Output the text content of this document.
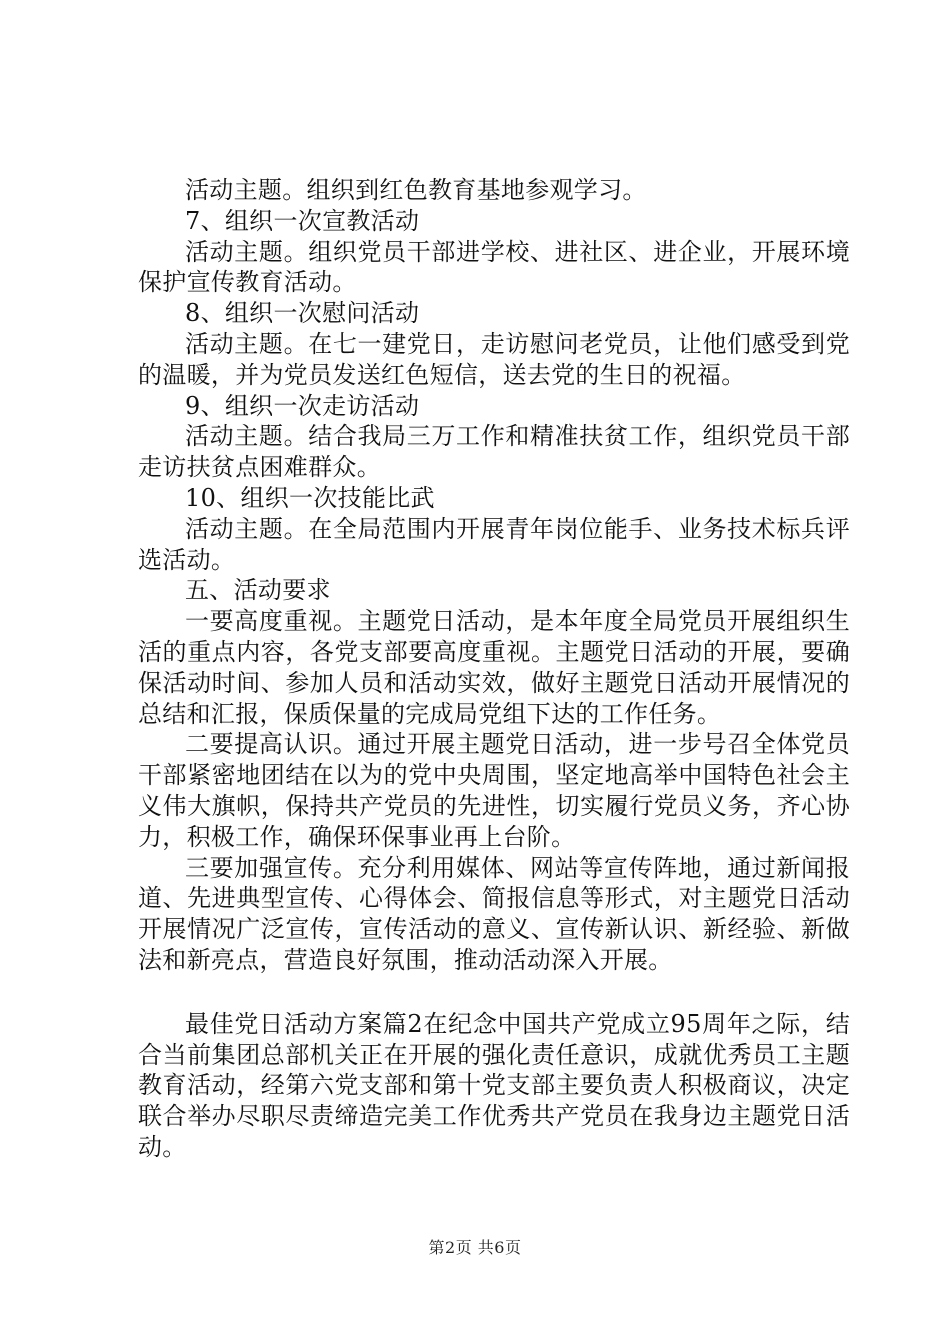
活动主题。组织到红色教育基地参观学习。

7、组织一次宣教活动

活动主题。组织党员干部进学校、进社区、进企业，开展环境保护宣传教育活动。

8、组织一次慰问活动

活动主题。在七一建党日，走访慰问老党员，让他们感受到党的温暖，并为党员发送红色短信，送去党的生日的祝福。

9、组织一次走访活动

活动主题。结合我局三万工作和精准扶贫工作，组织党员干部走访扶贫点困难群众。

10、组织一次技能比武

活动主题。在全局范围内开展青年岗位能手、业务技术标兵评选活动。

五、活动要求

一要高度重视。主题党日活动，是本年度全局党员开展组织生活的重点内容，各党支部要高度重视。主题党日活动的开展，要确保活动时间、参加人员和活动实效，做好主题党日活动开展情况的总结和汇报，保质保量的完成局党组下达的工作任务。

二要提高认识。通过开展主题党日活动，进一步号召全体党员干部紧密地团结在以为的党中央周围，坚定地高举中国特色社会主义伟大旗帜，保持共产党员的先进性，切实履行党员义务，齐心协力，积极工作，确保环保事业再上台阶。

三要加强宣传。充分利用媒体、网站等宣传阵地，通过新闻报道、先进典型宣传、心得体会、简报信息等形式，对主题党日活动开展情况广泛宣传，宣传活动的意义、宣传新认识、新经验、新做法和新亮点，营造良好氛围，推动活动深入开展。

最佳党日活动方案篇2在纪念中国共产党成立95周年之际，结合当前集团总部机关正在开展的强化责任意识，成就优秀员工主题教育活动，经第六党支部和第十党支部主要负责人积极商议，决定联合举办尽职尽责缔造完美工作优秀共产党员在我身边主题党日活动。

第2页 共6页
